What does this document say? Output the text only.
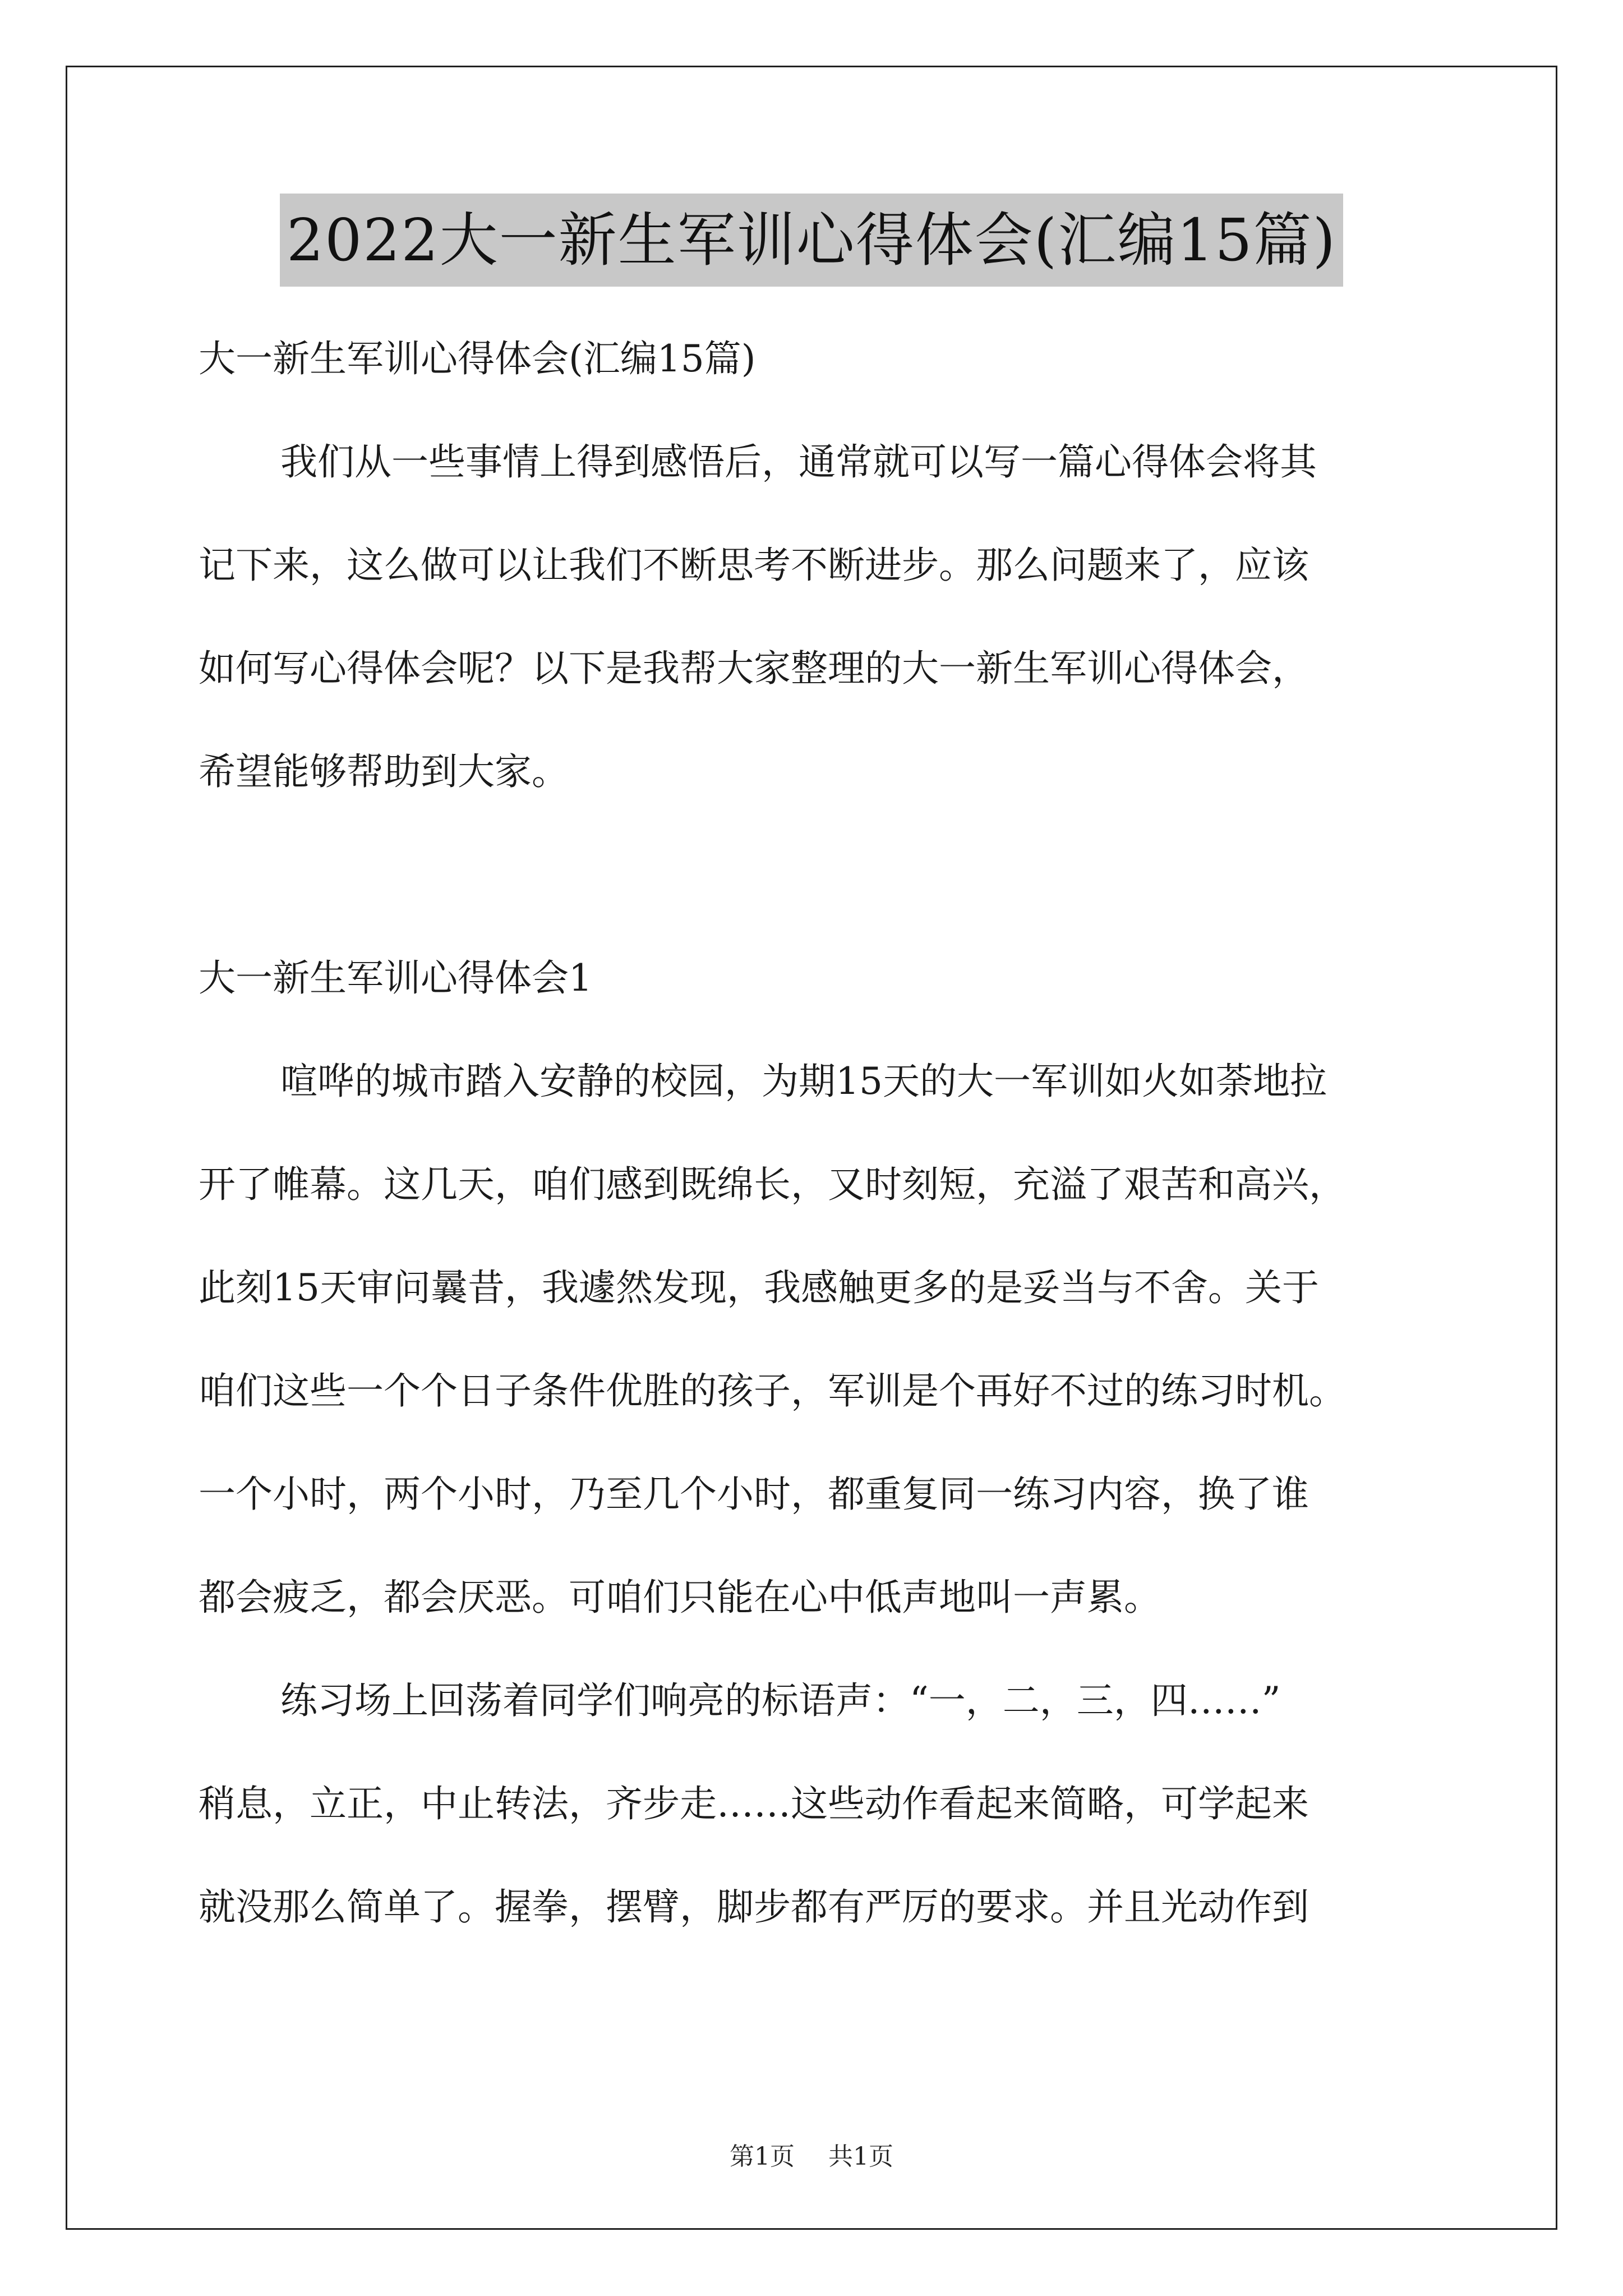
2022大一新生军训心得体会(汇编15篇)
大一新生军训心得体会(汇编15篇)
我们从一些事情上得到感悟后，通常就可以写一篇心得体会将其
记下来，这么做可以让我们不断思考不断进步。那么问题来了，应该
如何写心得体会呢？以下是我帮大家整理的大一新生军训心得体会，
希望能够帮助到大家。
大一新生军训心得体会1
喧哗的城市踏入安静的校园，为期15天的大一军训如火如荼地拉
开了帷幕。这几天，咱们感到既绵长，又时刻短，充溢了艰苦和高兴，
此刻15天审问曩昔，我遽然发现，我感触更多的是妥当与不舍。关于
咱们这些一个个日子条件优胜的孩子，军训是个再好不过的练习时机。
一个小时，两个小时，乃至几个小时，都重复同一练习内容，换了谁
都会疲乏，都会厌恶。可咱们只能在心中低声地叫一声累。
练习场上回荡着同学们响亮的标语声：“一，二，三，四……”
稍息，立正，中止转法，齐步走……这些动作看起来简略，可学起来
就没那么简单了。握拳，摆臂，脚步都有严厉的要求。并且光动作到
第1页 共1页
